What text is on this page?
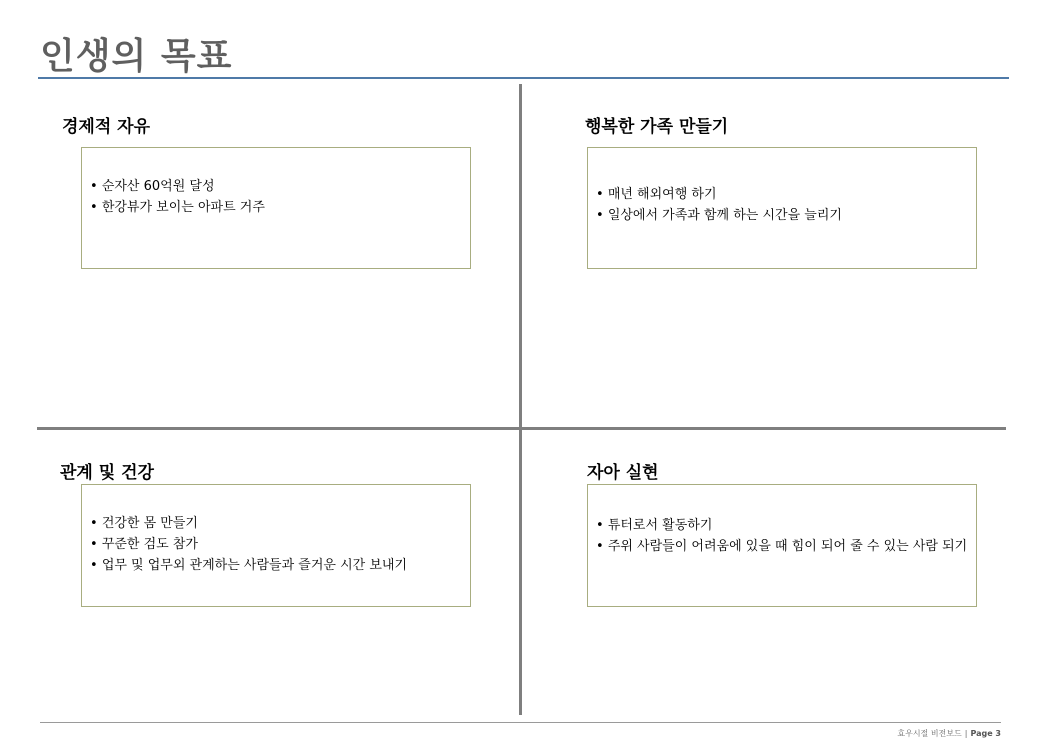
인생의 목표
경제적 자유
• 순자산 60억원 달성
• 한강뷰가 보이는 아파트 거주
행복한 가족 만들기
• 매년 해외여행 하기
• 일상에서 가족과 함께 하는 시간을 늘리기
관계 및 건강
• 건강한 몸 만들기
• 꾸준한 검도 참가
• 업무 및 업무외 관계하는 사람들과 즐거운 시간 보내기
자아 실현
• 튜터로서 활동하기
• 주위 사람들이 어려움에 있을 때 힘이 되어 줄 수 있는 사람 되기
효우시절 비전보드 | Page 3
